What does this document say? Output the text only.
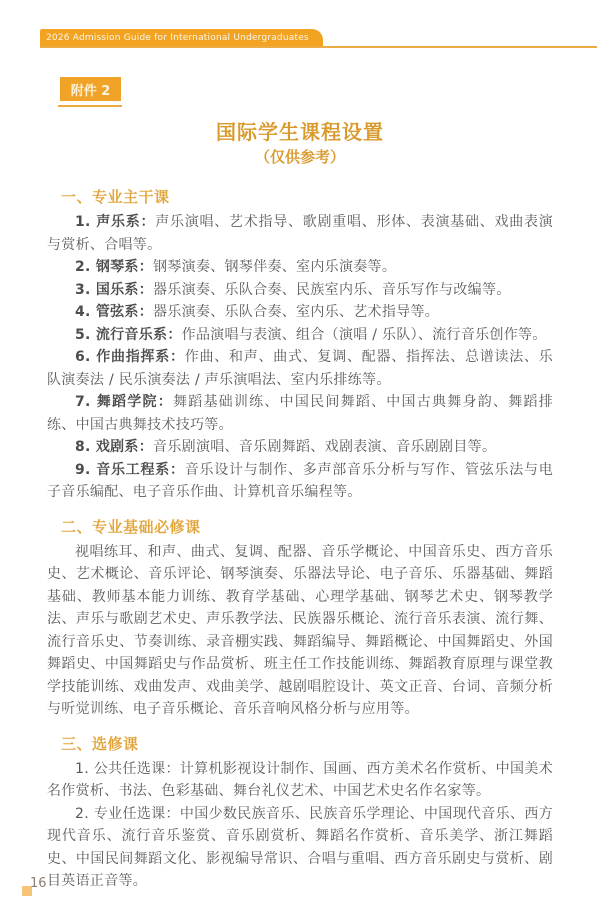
2026 Admission Guide for International Undergraduates
附件 2
国际学生课程设置
（仅供参考）
一、专业主干课

1. 声乐系：声乐演唱、艺术指导、歌剧重唱、形体、表演基础、戏曲表演与赏析、合唱等。

2. 钢琴系：钢琴演奏、钢琴伴奏、室内乐演奏等。

3. 国乐系：器乐演奏、乐队合奏、民族室内乐、音乐写作与改编等。

4. 管弦系：器乐演奏、乐队合奏、室内乐、艺术指导等。

5. 流行音乐系：作品演唱与表演、组合（演唱 / 乐队）、流行音乐创作等。

6. 作曲指挥系：作曲、和声、曲式、复调、配器、指挥法、总谱读法、乐队演奏法 / 民乐演奏法 / 声乐演唱法、室内乐排练等。

7. 舞蹈学院：舞蹈基础训练、中国民间舞蹈、中国古典舞身韵、舞蹈排练、中国古典舞技术技巧等。

8. 戏剧系：音乐剧演唱、音乐剧舞蹈、戏剧表演、音乐剧剧目等。

9. 音乐工程系：音乐设计与制作、多声部音乐分析与写作、管弦乐法与电子音乐编配、电子音乐作曲、计算机音乐编程等。

二、专业基础必修课

视唱练耳、和声、曲式、复调、配器、音乐学概论、中国音乐史、西方音乐史、艺术概论、音乐评论、钢琴演奏、乐器法导论、电子音乐、乐器基础、舞蹈基础、教师基本能力训练、教育学基础、心理学基础、钢琴艺术史、钢琴教学法、声乐与歌剧艺术史、声乐教学法、民族器乐概论、流行音乐表演、流行舞、流行音乐史、节奏训练、录音棚实践、舞蹈编导、舞蹈概论、中国舞蹈史、外国舞蹈史、中国舞蹈史与作品赏析、班主任工作技能训练、舞蹈教育原理与课堂教学技能训练、戏曲发声、戏曲美学、越剧唱腔设计、英文正音、台词、音频分析与听觉训练、电子音乐概论、音乐音响风格分析与应用等。

三、选修课

1. 公共任选课：计算机影视设计制作、国画、西方美术名作赏析、中国美术名作赏析、书法、色彩基础、舞台礼仪艺术、中国艺术史名作名家等。

2. 专业任选课：中国少数民族音乐、民族音乐学理论、中国现代音乐、西方现代音乐、流行音乐鉴赏、音乐剧赏析、舞蹈名作赏析、音乐美学、浙江舞蹈史、中国民间舞蹈文化、影视编导常识、合唱与重唱、西方音乐剧史与赏析、剧目英语正音等。

16
